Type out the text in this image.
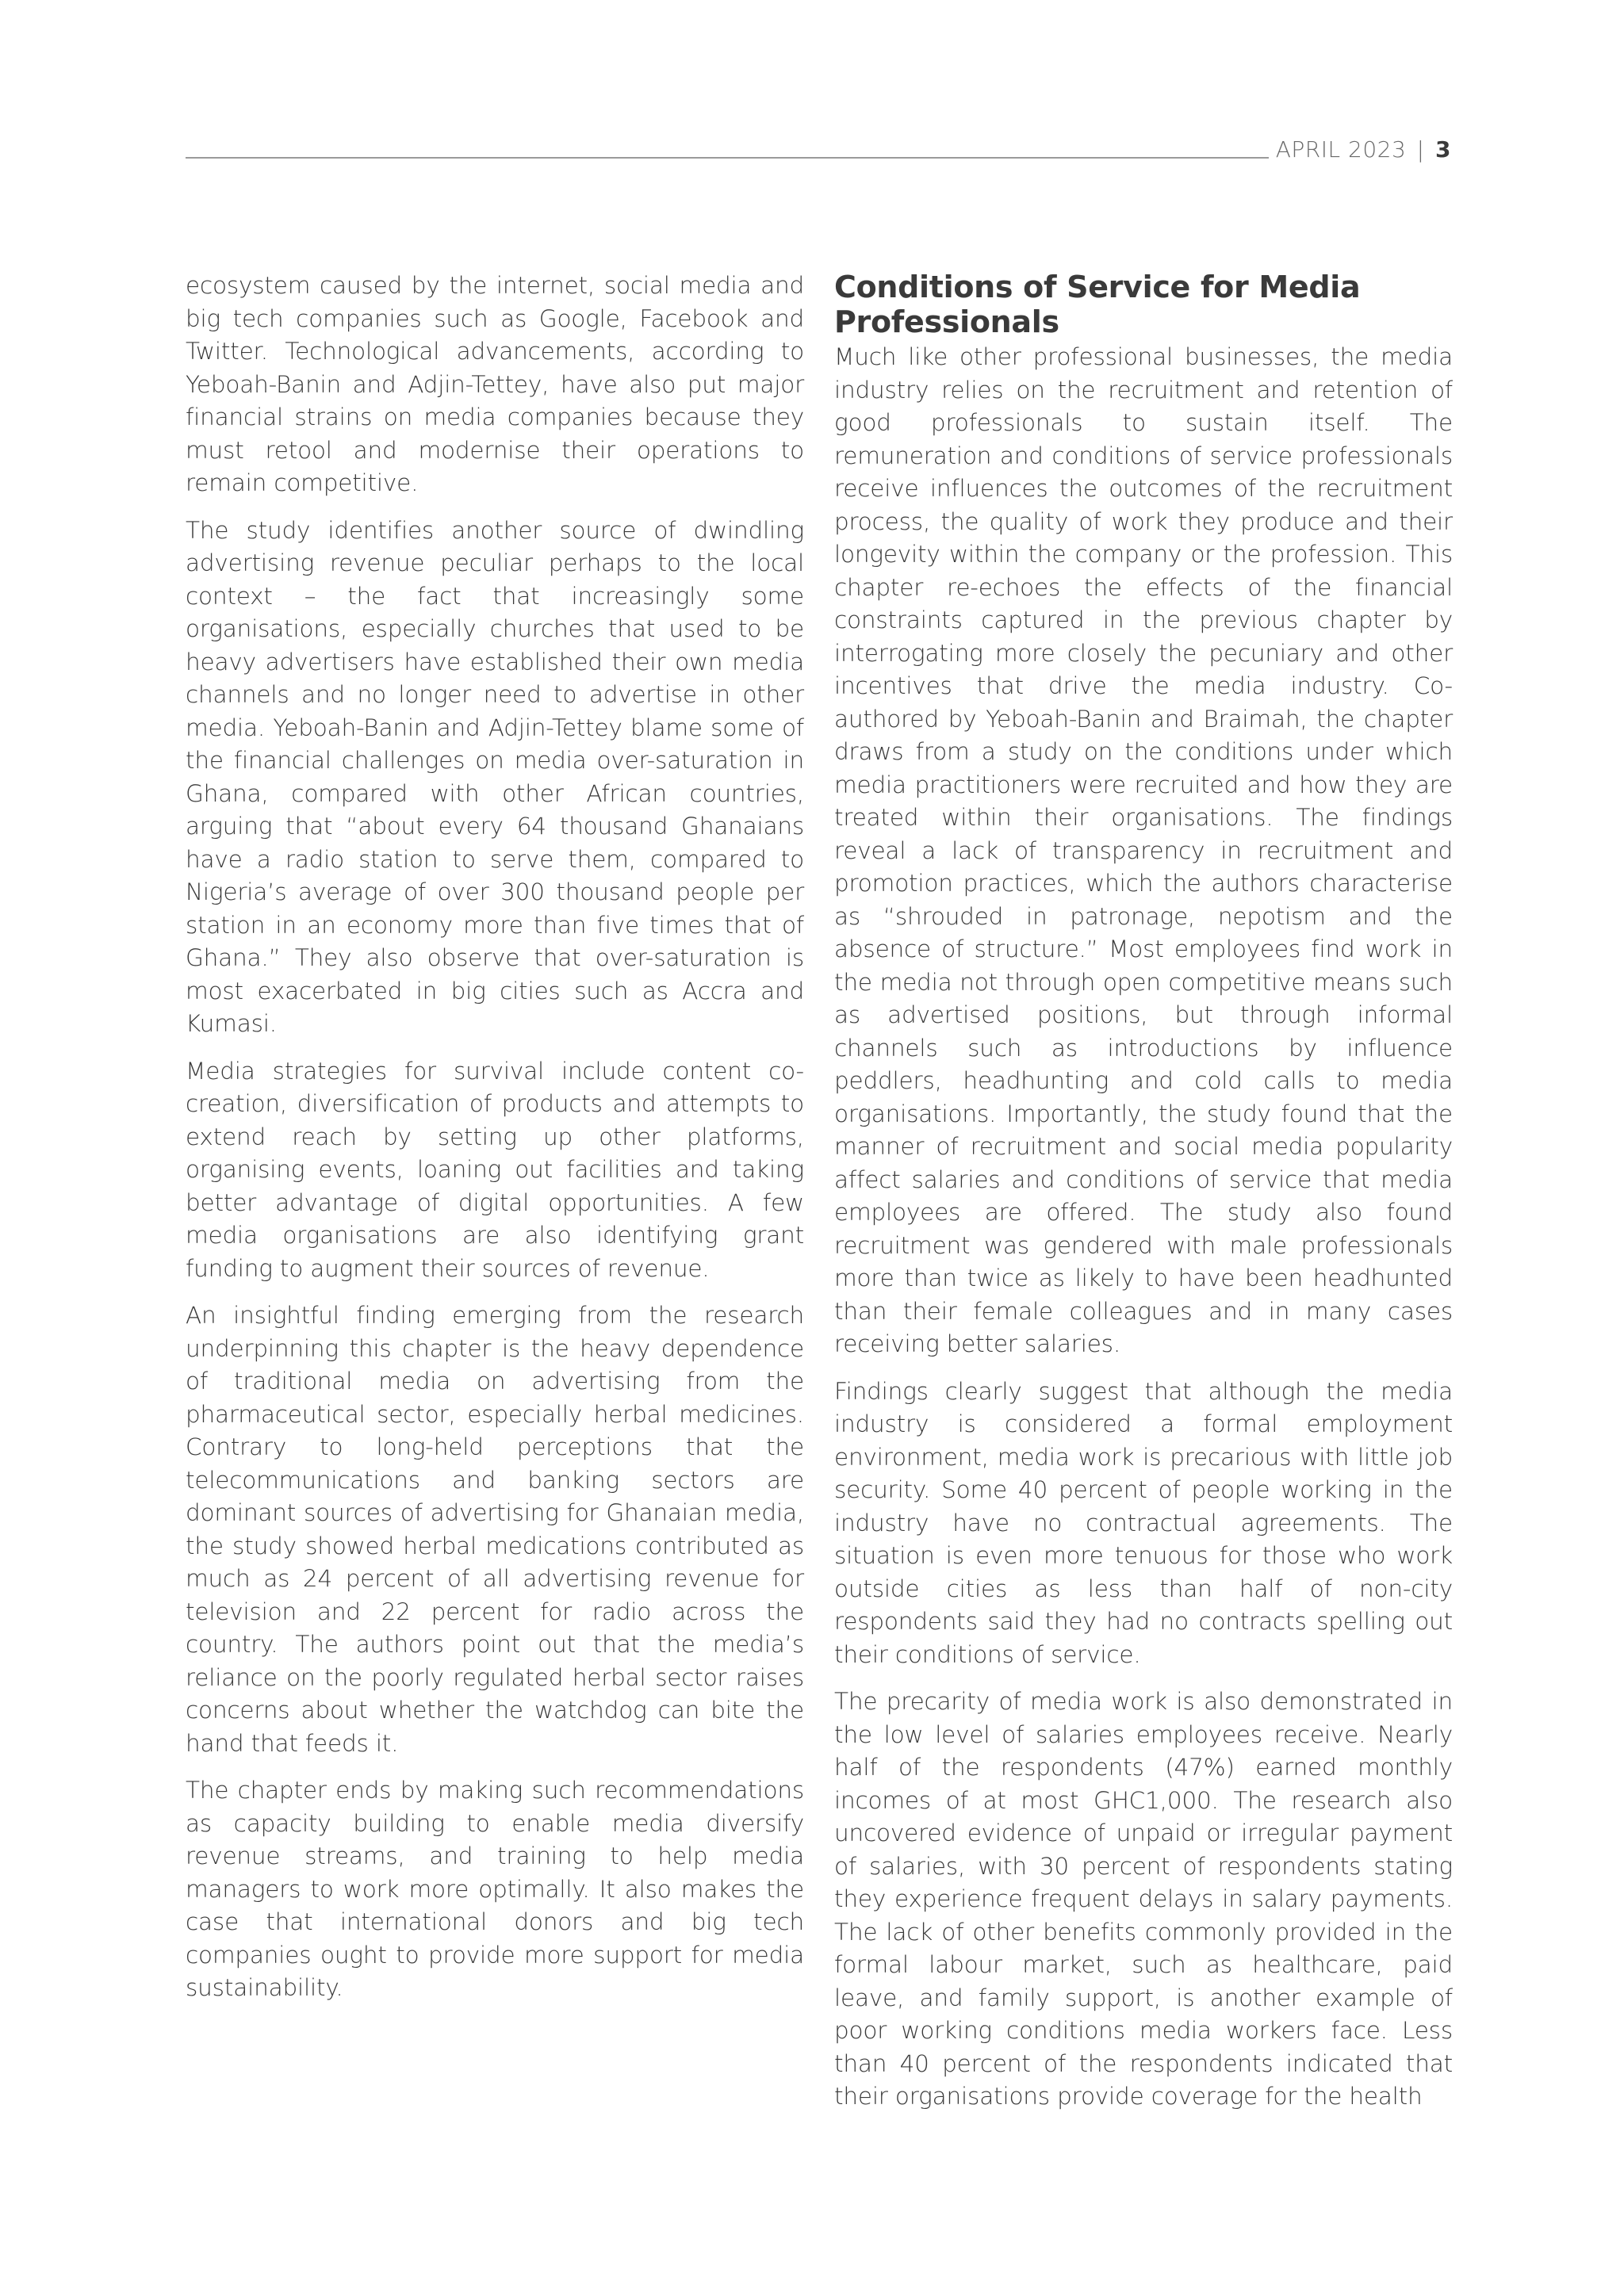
APRIL 2023 | 3

ecosystem caused by the internet, social media and big tech companies such as Google, Facebook and Twitter. Technological advancements, according to Yeboah-Banin and Adjin-Tettey, have also put major financial strains on media companies because they must retool and modernise their operations to remain competitive.

The study identifies another source of dwindling advertising revenue peculiar perhaps to the local context – the fact that increasingly some organisations, especially churches that used to be heavy advertisers have established their own media channels and no longer need to advertise in other media. Yeboah-Banin and Adjin-Tettey blame some of the financial challenges on media over-saturation in Ghana, compared with other African countries, arguing that “about every 64 thousand Ghanaians have a radio station to serve them, compared to Nigeria’s average of over 300 thousand people per station in an economy more than five times that of Ghana.” They also observe that over-saturation is most exacerbated in big cities such as Accra and Kumasi.

Media strategies for survival include content co-creation, diversification of products and attempts to extend reach by setting up other platforms, organising events, loaning out facilities and taking better advantage of digital opportunities. A few media organisations are also identifying grant funding to augment their sources of revenue.

An insightful finding emerging from the research underpinning this chapter is the heavy dependence of traditional media on advertising from the pharmaceutical sector, especially herbal medicines. Contrary to long-held perceptions that the telecommunications and banking sectors are dominant sources of advertising for Ghanaian media, the study showed herbal medications contributed as much as 24 percent of all advertising revenue for television and 22 percent for radio across the country. The authors point out that the media’s reliance on the poorly regulated herbal sector raises concerns about whether the watchdog can bite the hand that feeds it.

The chapter ends by making such recommendations as capacity building to enable media diversify revenue streams, and training to help media managers to work more optimally. It also makes the case that international donors and big tech companies ought to provide more support for media sustainability.

Conditions of Service for Media Professionals

Much like other professional businesses, the media industry relies on the recruitment and retention of good professionals to sustain itself. The remuneration and conditions of service professionals receive influences the outcomes of the recruitment process, the quality of work they produce and their longevity within the company or the profession. This chapter re-echoes the effects of the financial constraints captured in the previous chapter by interrogating more closely the pecuniary and other incentives that drive the media industry. Co-authored by Yeboah-Banin and Braimah, the chapter draws from a study on the conditions under which media practitioners were recruited and how they are treated within their organisations. The findings reveal a lack of transparency in recruitment and promotion practices, which the authors characterise as “shrouded in patronage, nepotism and the absence of structure.” Most employees find work in the media not through open competitive means such as advertised positions, but through informal channels such as introductions by influence peddlers, headhunting and cold calls to media organisations. Importantly, the study found that the manner of recruitment and social media popularity affect salaries and conditions of service that media employees are offered. The study also found recruitment was gendered with male professionals more than twice as likely to have been headhunted than their female colleagues and in many cases receiving better salaries.

Findings clearly suggest that although the media industry is considered a formal employment environment, media work is precarious with little job security. Some 40 percent of people working in the industry have no contractual agreements. The situation is even more tenuous for those who work outside cities as less than half of non-city respondents said they had no contracts spelling out their conditions of service.

The precarity of media work is also demonstrated in the low level of salaries employees receive. Nearly half of the respondents (47%) earned monthly incomes of at most GHC1,000. The research also uncovered evidence of unpaid or irregular payment of salaries, with 30 percent of respondents stating they experience frequent delays in salary payments. The lack of other benefits commonly provided in the formal labour market, such as healthcare, paid leave, and family support, is another example of poor working conditions media workers face. Less than 40 percent of the respondents indicated that their organisations provide coverage for the health
